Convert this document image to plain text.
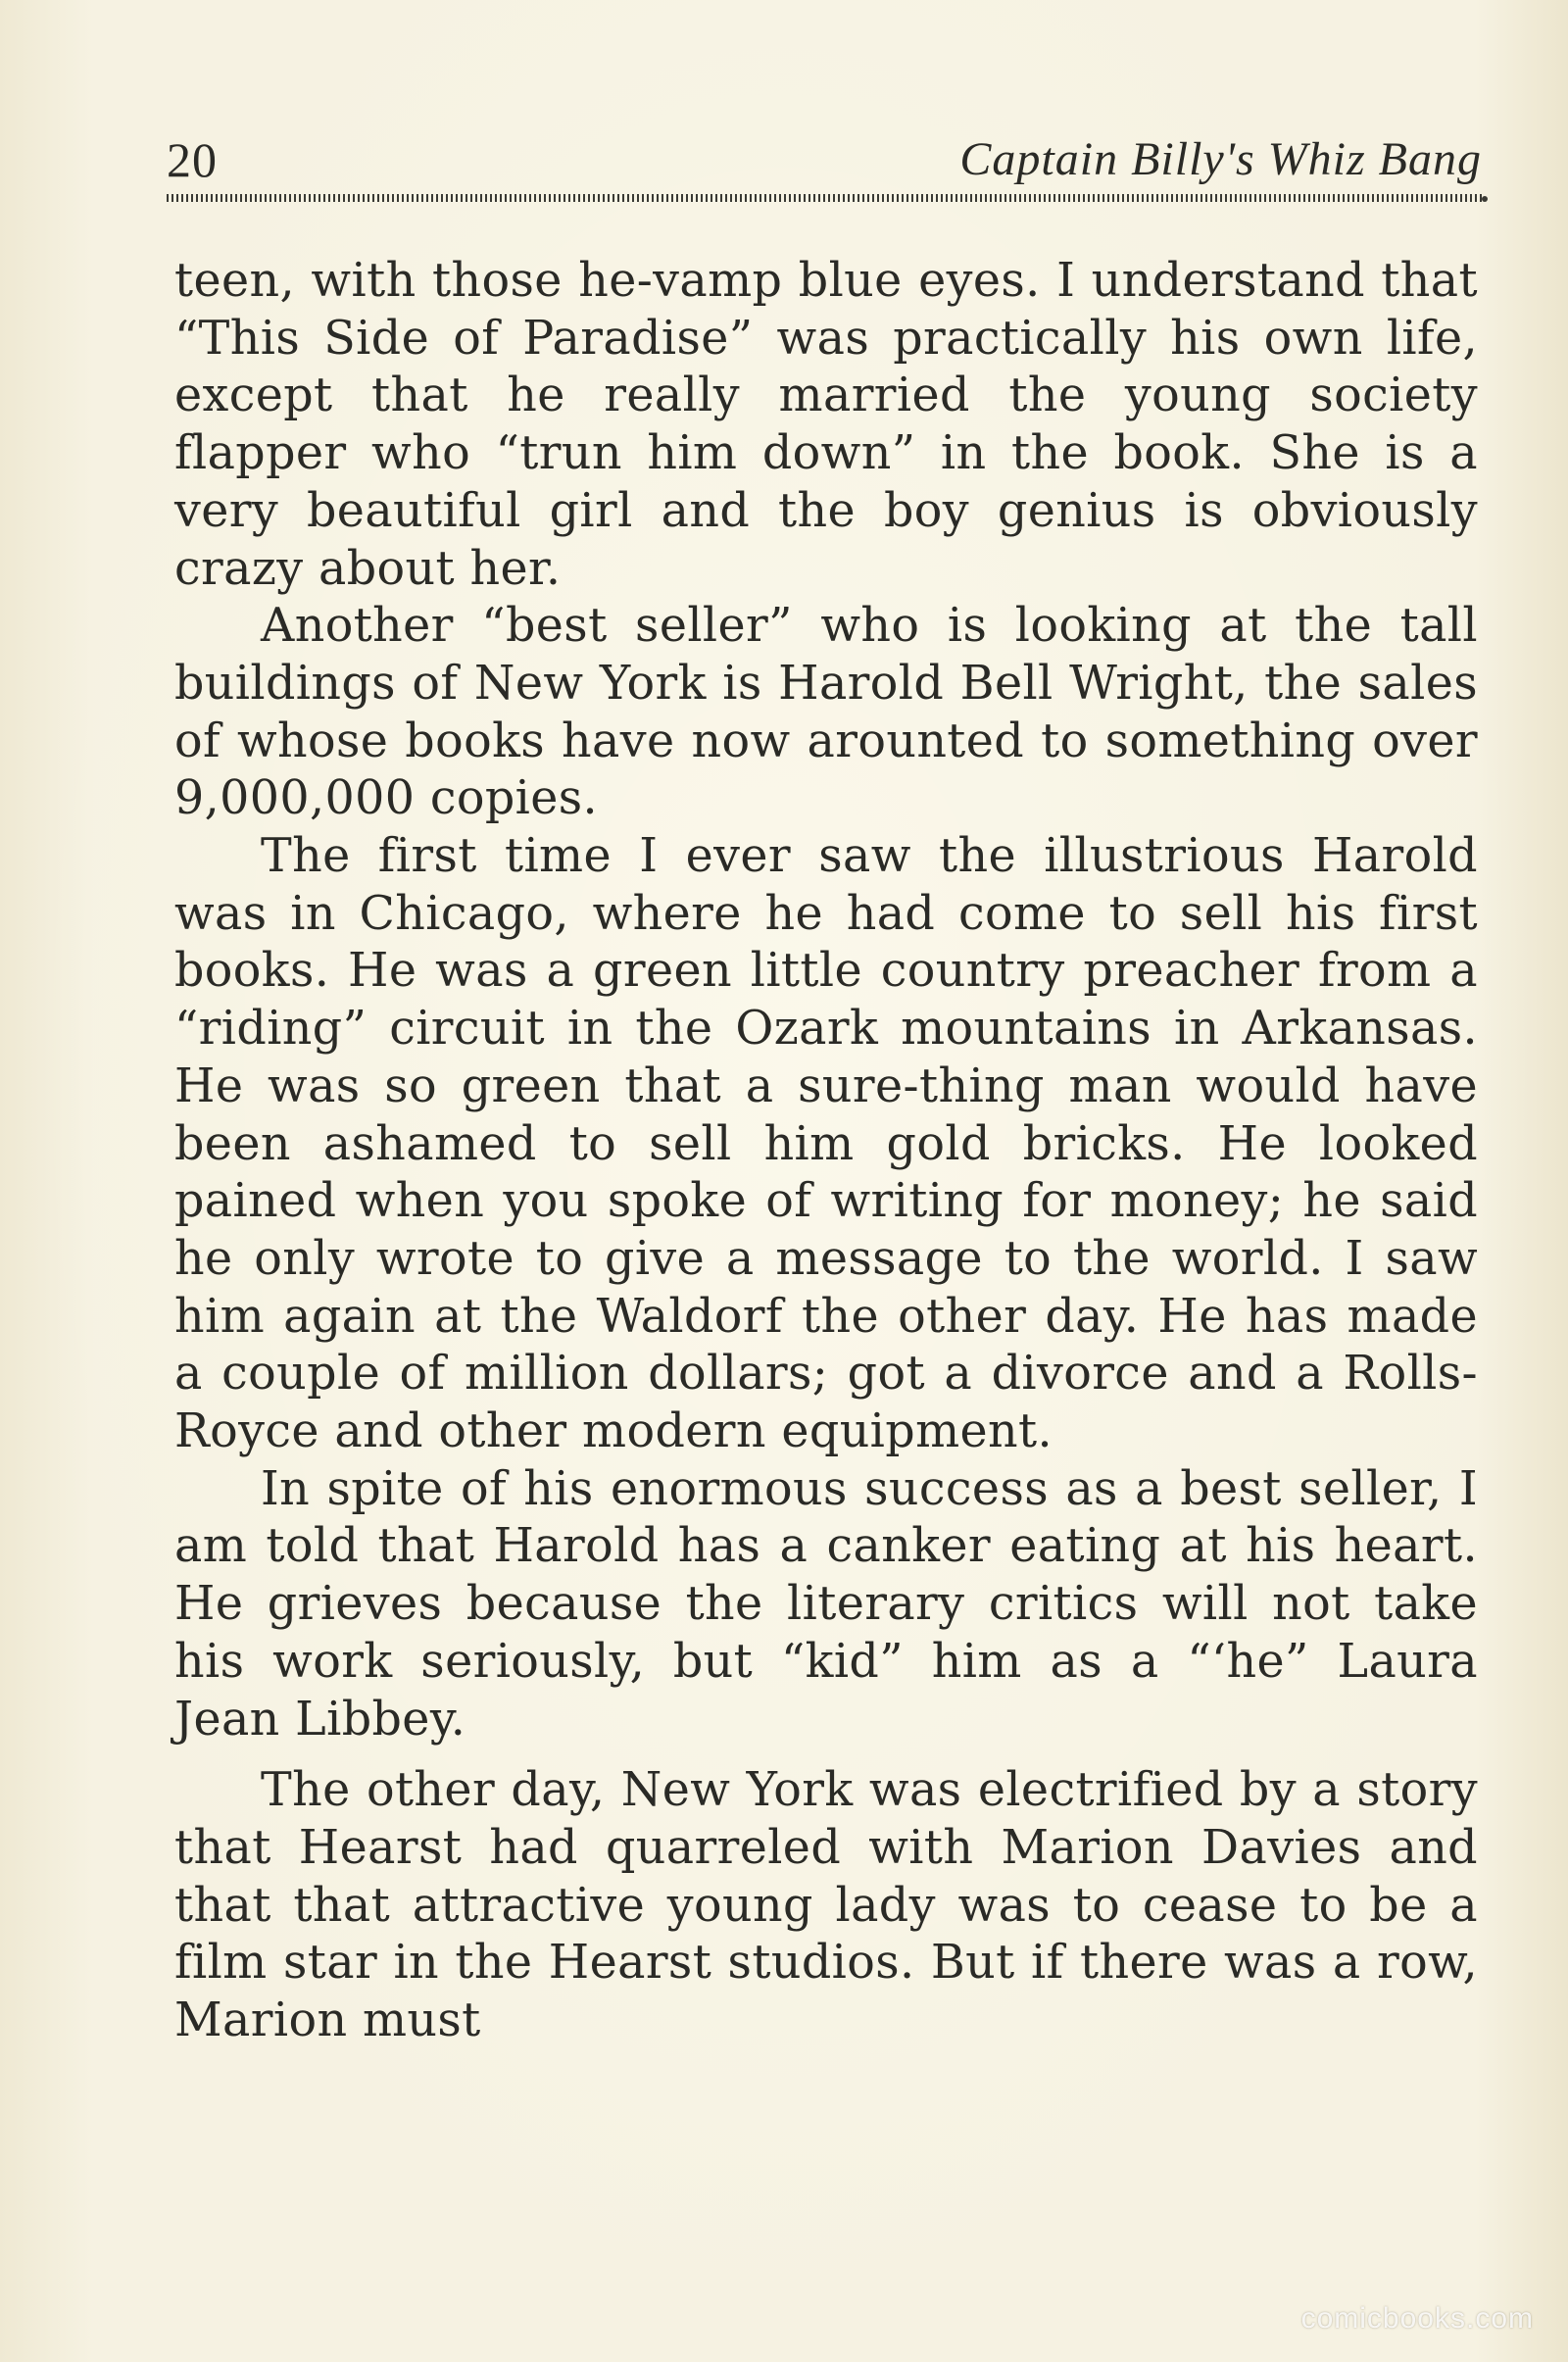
20	Captain Billy's Whiz Bang

teen, with those he-vamp blue eyes. I understand that “This Side of Paradise” was practically his own life, except that he really married the young society flapper who “trun him down” in the book. She is a very beautiful girl and the boy genius is obviously crazy about her.

Another “best seller” who is looking at the tall buildings of New York is Harold Bell Wright, the sales of whose books have now arounted to something over 9,000,000 copies.

The first time I ever saw the illustrious Harold was in Chicago, where he had come to sell his first books. He was a green little country preacher from a “riding” circuit in the Ozark mountains in Arkansas. He was so green that a sure-thing man would have been ashamed to sell him gold bricks. He looked pained when you spoke of writing for money; he said he only wrote to give a message to the world. I saw him again at the Waldorf the other day. He has made a couple of million dollars; got a divorce and a Rolls-Royce and other modern equipment.

In spite of his enormous success as a best seller, I am told that Harold has a canker eating at his heart. He grieves because the literary critics will not take his work seriously, but “kid” him as a “‘he” Laura Jean Libbey.

The other day, New York was electrified by a story that Hearst had quarreled with Marion Davies and that that attractive young lady was to cease to be a film star in the Hearst studios. But if there was a row, Marion must

comicbooks.com
